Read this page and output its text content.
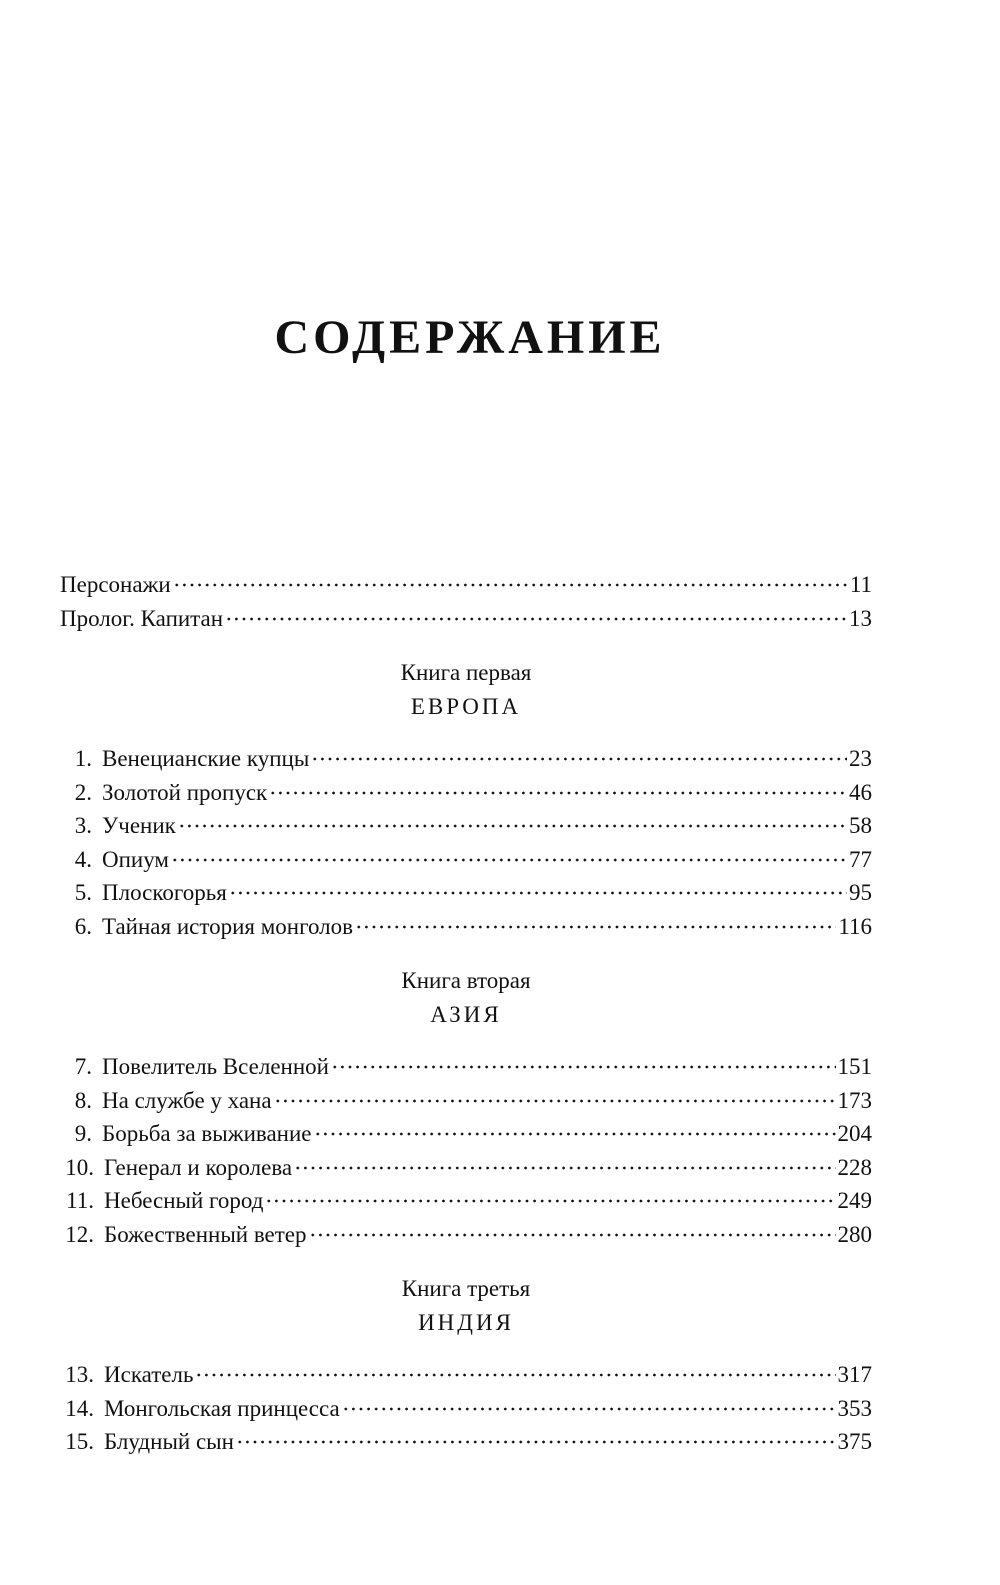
СОДЕРЖАНИЕ
Персонажи	11
Пролог. Капитан	13
Книга первая
ЕВРОПА
1. Венецианские купцы	23
2. Золотой пропуск	46
3. Ученик	58
4. Опиум	77
5. Плоскогорья	95
6. Тайная история монголов	116
Книга вторая
АЗИЯ
7. Повелитель Вселенной	151
8. На службе у хана	173
9. Борьба за выживание	204
10. Генерал и королева	228
11. Небесный город	249
12. Божественный ветер	280
Книга третья
ИНДИЯ
13. Искатель	317
14. Монгольская принцесса	353
15. Блудный сын	375
